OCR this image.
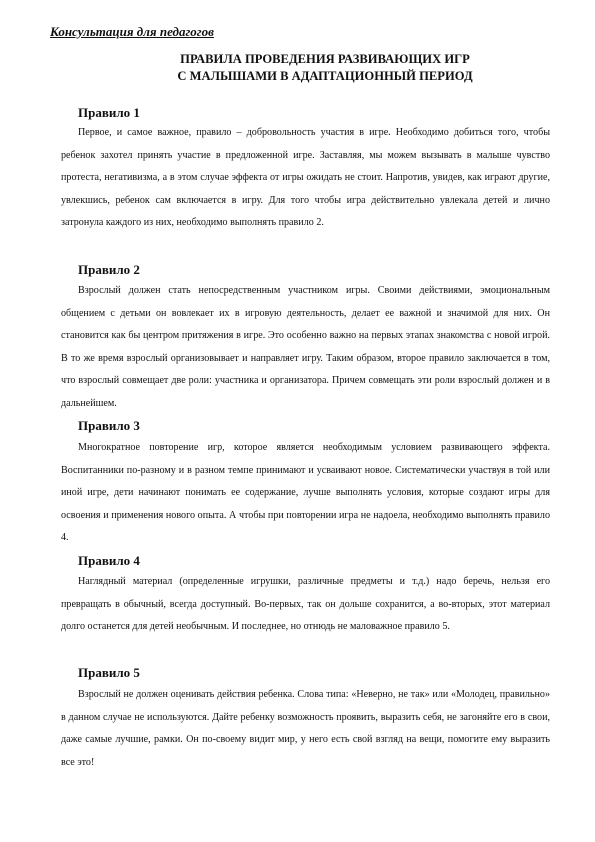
Консультация для педагогов
ПРАВИЛА ПРОВЕДЕНИЯ РАЗВИВАЮЩИХ ИГР
С МАЛЫШАМИ В АДАПТАЦИОННЫЙ ПЕРИОД
Правило 1
Первое, и самое важное, правило – добровольность участия в игре. Необходимо добиться того, чтобы ребенок захотел принять участие в предложенной игре. Заставляя, мы можем вызывать в малыше чувство протеста, негативизма, а в этом случае эффекта от игры ожидать не стоит. Напротив, увидев, как играют другие, увлекшись, ребенок сам включается в игру. Для того чтобы игра действительно увлекала детей и лично затронула каждого из них, необходимо выполнять правило 2.
Правило 2
Взрослый должен стать непосредственным участником игры. Своими действиями, эмоциональным общением с детьми он вовлекает их в игровую деятельность, делает ее важной и значимой для них. Он становится как бы центром притяжения в игре. Это особенно важно на первых этапах знакомства с новой игрой. В то же время взрослый организовывает и направляет игру. Таким образом, второе правило заключается в том, что взрослый совмещает две роли: участника и организатора. Причем совмещать эти роли взрослый должен и в дальнейшем.
Правило 3
Многократное повторение игр, которое является необходимым условием развивающего эффекта. Воспитанники по-разному и в разном темпе принимают и усваивают новое. Систематически участвуя в той или иной игре, дети начинают понимать ее содержание, лучше выполнять условия, которые создают игры для освоения и применения нового опыта. А чтобы при повторении игра не надоела, необходимо выполнять правило 4.
Правило 4
Наглядный материал (определенные игрушки, различные предметы и т.д.) надо беречь, нельзя его превращать в обычный, всегда доступный. Во-первых, так он дольше сохранится, а во-вторых, этот материал долго останется для детей необычным. И последнее, но отнюдь не маловажное правило 5.
Правило 5
Взрослый не должен оценивать действия ребенка. Слова типа: «Неверно, не так» или «Молодец, правильно» в данном случае не используются. Дайте ребенку возможность проявить, выразить себя, не загоняйте его в свои, даже самые лучшие, рамки. Он по-своему видит мир, у него есть свой взгляд на вещи, помогите ему выразить все это!
